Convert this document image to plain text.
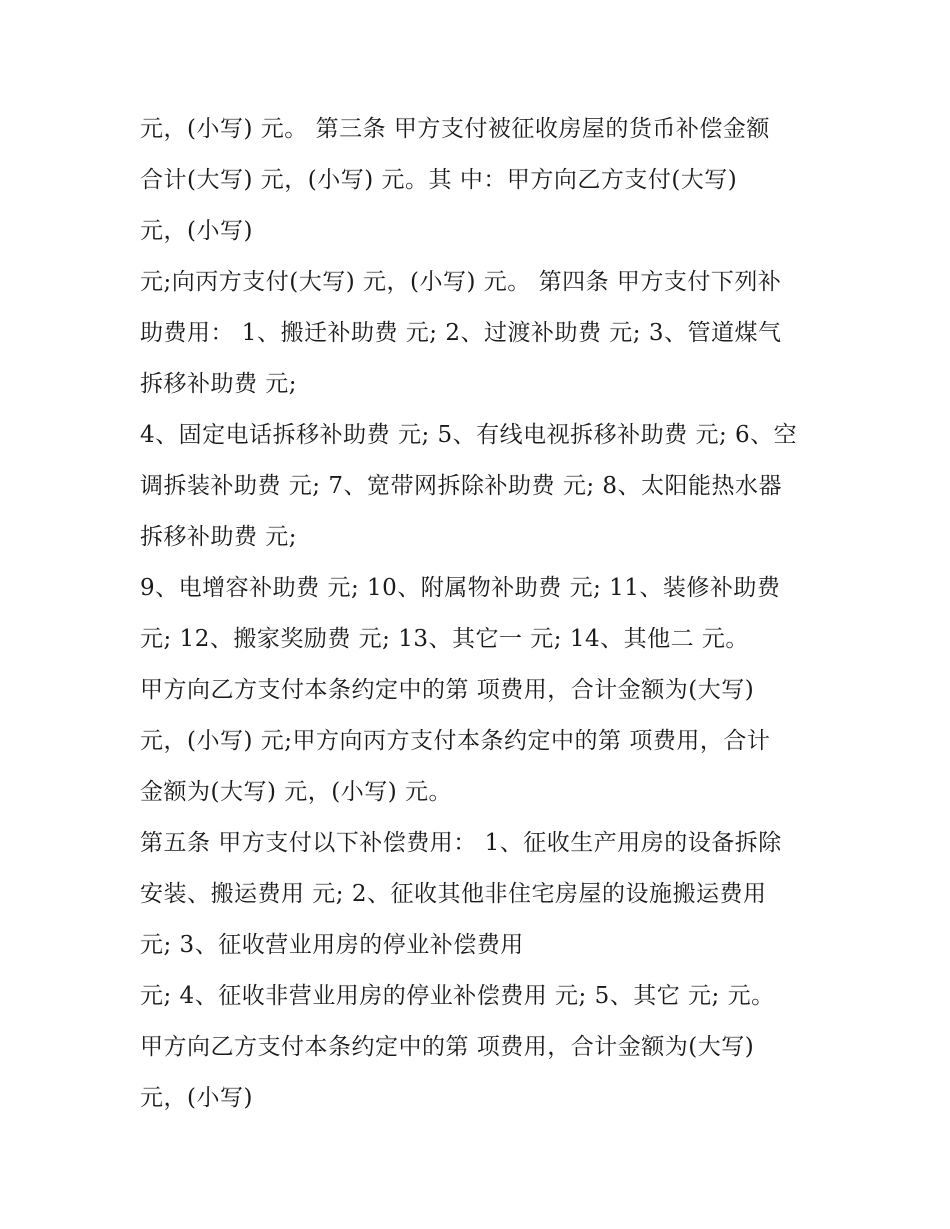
元，(小写) 元。 第三条 甲方支付被征收房屋的货币补偿金额
合计(大写) 元，(小写) 元。其 中：甲方向乙方支付(大写)
元，(小写)

元;向丙方支付(大写) 元，(小写) 元。 第四条 甲方支付下列补
助费用： 1、搬迁补助费 元; 2、过渡补助费 元; 3、管道煤气
拆移补助费 元;

4、固定电话拆移补助费 元; 5、有线电视拆移补助费 元; 6、空
调拆装补助费 元; 7、宽带网拆除补助费 元; 8、太阳能热水器
拆移补助费 元;

9、电增容补助费 元; 10、附属物补助费 元; 11、装修补助费
元; 12、搬家奖励费 元; 13、其它一 元; 14、其他二 元。

甲方向乙方支付本条约定中的第 项费用，合计金额为(大写)
元，(小写) 元;甲方向丙方支付本条约定中的第 项费用，合计
金额为(大写) 元，(小写) 元。

第五条 甲方支付以下补偿费用： 1、征收生产用房的设备拆除
安装、搬运费用 元; 2、征收其他非住宅房屋的设施搬运费用
元; 3、征收营业用房的停业补偿费用

元; 4、征收非营业用房的停业补偿费用 元; 5、其它 元; 元。

甲方向乙方支付本条约定中的第 项费用，合计金额为(大写)
元，(小写)
